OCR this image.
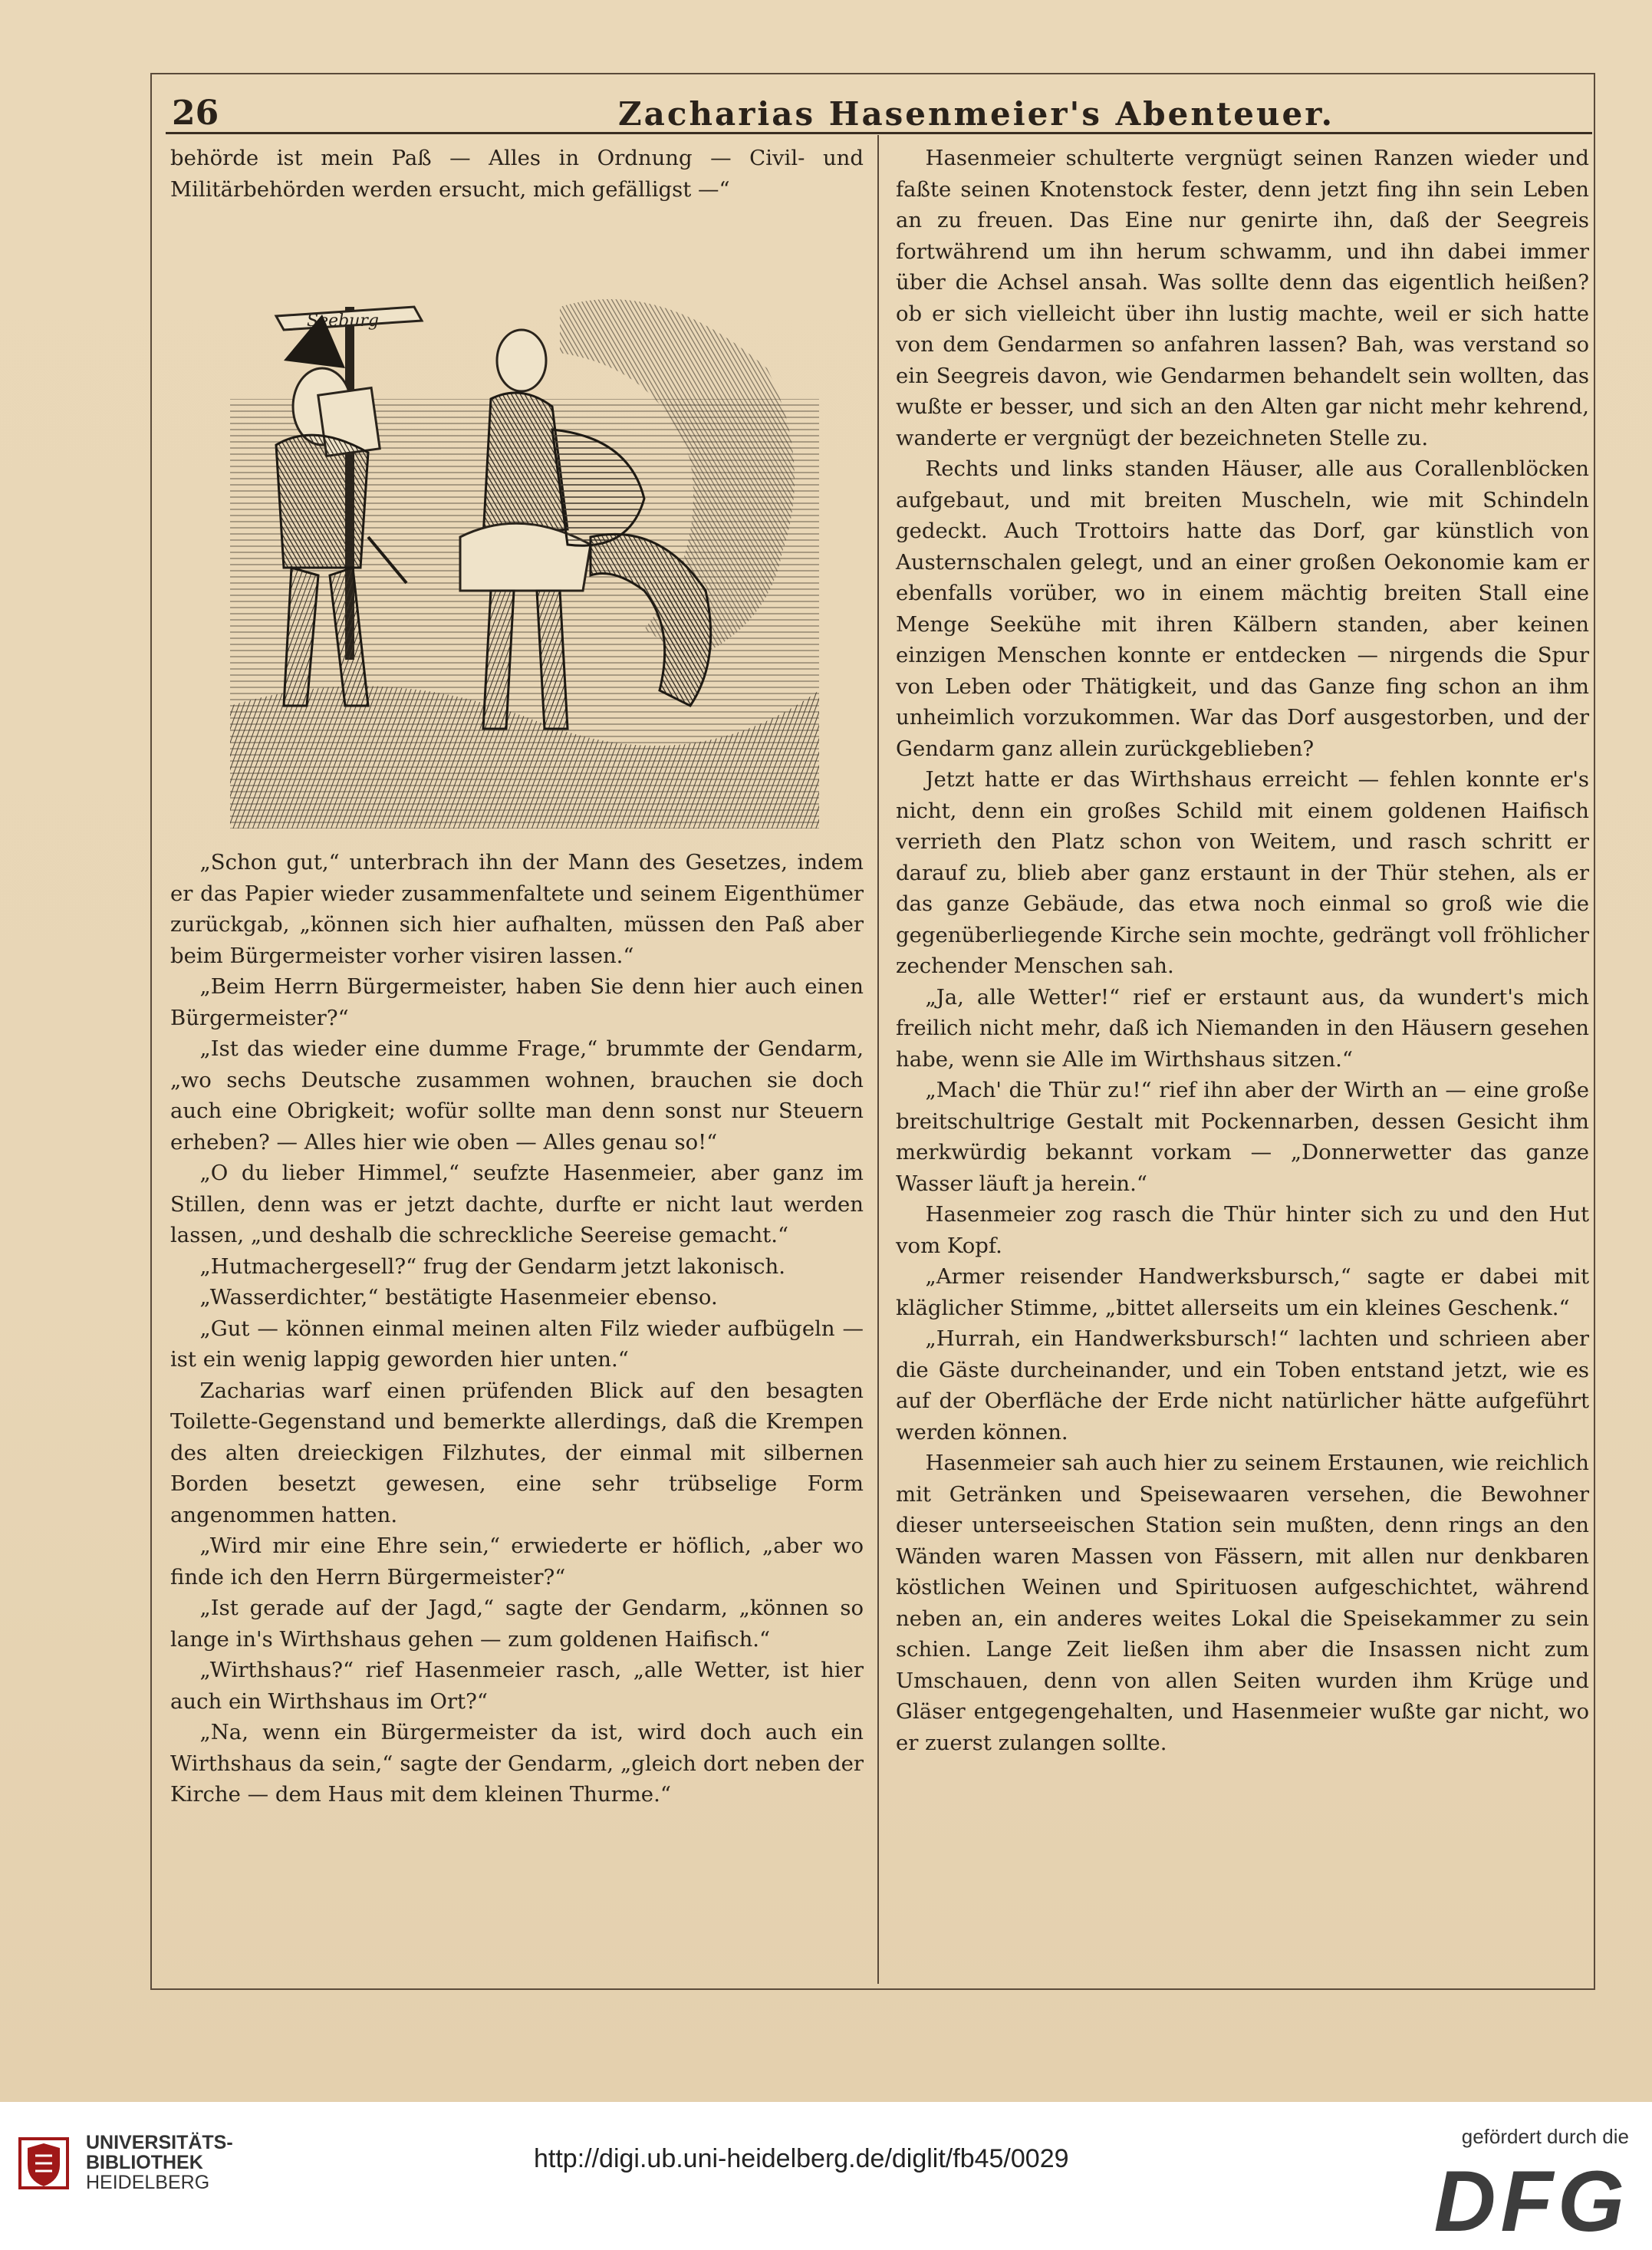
26	Zacharias Hasenmeier's Abenteuer.

behörde ist mein Paß — Alles in Ordnung — Civil- und Militärbehörden werden ersucht, mich gefälligst —“

Seeburg

„Schon gut,“ unterbrach ihn der Mann des Gesetzes, indem er das Papier wieder zusammenfaltete und seinem Eigenthümer zurückgab, „können sich hier aufhalten, müssen den Paß aber beim Bürgermeister vorher visiren lassen.“

„Beim Herrn Bürgermeister, haben Sie denn hier auch einen Bürgermeister?“

„Ist das wieder eine dumme Frage,“ brummte der Gendarm, „wo sechs Deutsche zusammen wohnen, brauchen sie doch auch eine Obrigkeit; wofür sollte man denn sonst nur Steuern erheben? — Alles hier wie oben — Alles genau so!“

„O du lieber Himmel,“ seufzte Hasenmeier, aber ganz im Stillen, denn was er jetzt dachte, durfte er nicht laut werden lassen, „und deshalb die schreckliche Seereise gemacht.“

„Hutmachergesell?“ frug der Gendarm jetzt lakonisch.

„Wasserdichter,“ bestätigte Hasenmeier ebenso.

„Gut — können einmal meinen alten Filz wieder aufbügeln — ist ein wenig lappig geworden hier unten.“

Zacharias warf einen prüfenden Blick auf den besagten Toilette-Gegenstand und bemerkte allerdings, daß die Krempen des alten dreieckigen Filzhutes, der einmal mit silbernen Borden besetzt gewesen, eine sehr trübselige Form angenommen hatten.

„Wird mir eine Ehre sein,“ erwiederte er höflich, „aber wo finde ich den Herrn Bürgermeister?“

„Ist gerade auf der Jagd,“ sagte der Gendarm, „können so lange in's Wirthshaus gehen — zum goldenen Haifisch.“

„Wirthshaus?“ rief Hasenmeier rasch, „alle Wetter, ist hier auch ein Wirthshaus im Ort?“

„Na, wenn ein Bürgermeister da ist, wird doch auch ein Wirthshaus da sein,“ sagte der Gendarm, „gleich dort neben der Kirche — dem Haus mit dem kleinen Thurme.“

Hasenmeier schulterte vergnügt seinen Ranzen wieder und faßte seinen Knotenstock fester, denn jetzt fing ihn sein Leben an zu freuen. Das Eine nur genirte ihn, daß der Seegreis fortwährend um ihn herum schwamm, und ihn dabei immer über die Achsel ansah. Was sollte denn das eigentlich heißen? ob er sich vielleicht über ihn lustig machte, weil er sich hatte von dem Gendarmen so anfahren lassen? Bah, was verstand so ein Seegreis davon, wie Gendarmen behandelt sein wollten, das wußte er besser, und sich an den Alten gar nicht mehr kehrend, wanderte er vergnügt der bezeichneten Stelle zu.

Rechts und links standen Häuser, alle aus Corallenblöcken aufgebaut, und mit breiten Muscheln, wie mit Schindeln gedeckt. Auch Trottoirs hatte das Dorf, gar künstlich von Austernschalen gelegt, und an einer großen Oekonomie kam er ebenfalls vorüber, wo in einem mächtig breiten Stall eine Menge Seekühe mit ihren Kälbern standen, aber keinen einzigen Menschen konnte er entdecken — nirgends die Spur von Leben oder Thätigkeit, und das Ganze fing schon an ihm unheimlich vorzukommen. War das Dorf ausgestorben, und der Gendarm ganz allein zurückgeblieben?

Jetzt hatte er das Wirthshaus erreicht — fehlen konnte er's nicht, denn ein großes Schild mit einem goldenen Haifisch verrieth den Platz schon von Weitem, und rasch schritt er darauf zu, blieb aber ganz erstaunt in der Thür stehen, als er das ganze Gebäude, das etwa noch einmal so groß wie die gegenüberliegende Kirche sein mochte, gedrängt voll fröhlicher zechender Menschen sah.

„Ja, alle Wetter!“ rief er erstaunt aus, da wundert's mich freilich nicht mehr, daß ich Niemanden in den Häusern gesehen habe, wenn sie Alle im Wirthshaus sitzen.“

„Mach' die Thür zu!“ rief ihn aber der Wirth an — eine große breitschultrige Gestalt mit Pockennarben, dessen Gesicht ihm merkwürdig bekannt vorkam — „Donnerwetter das ganze Wasser läuft ja herein.“

Hasenmeier zog rasch die Thür hinter sich zu und den Hut vom Kopf.

„Armer reisender Handwerksbursch,“ sagte er dabei mit kläglicher Stimme, „bittet allerseits um ein kleines Geschenk.“

„Hurrah, ein Handwerksbursch!“ lachten und schrieen aber die Gäste durcheinander, und ein Toben entstand jetzt, wie es auf der Oberfläche der Erde nicht natürlicher hätte aufgeführt werden können.

Hasenmeier sah auch hier zu seinem Erstaunen, wie reichlich mit Getränken und Speisewaaren versehen, die Bewohner dieser unterseeischen Station sein mußten, denn rings an den Wänden waren Massen von Fässern, mit allen nur denkbaren köstlichen Weinen und Spirituosen aufgeschichtet, während neben an, ein anderes weites Lokal die Speisekammer zu sein schien. Lange Zeit ließen ihm aber die Insassen nicht zum Umschauen, denn von allen Seiten wurden ihm Krüge und Gläser entgegengehalten, und Hasenmeier wußte gar nicht, wo er zuerst zulangen sollte.

UNIVERSITÄTS-
BIBLIOTHEK
HEIDELBERG
http://digi.ub.uni-heidelberg.de/diglit/fb45/0029
gefördert durch die
DFG
